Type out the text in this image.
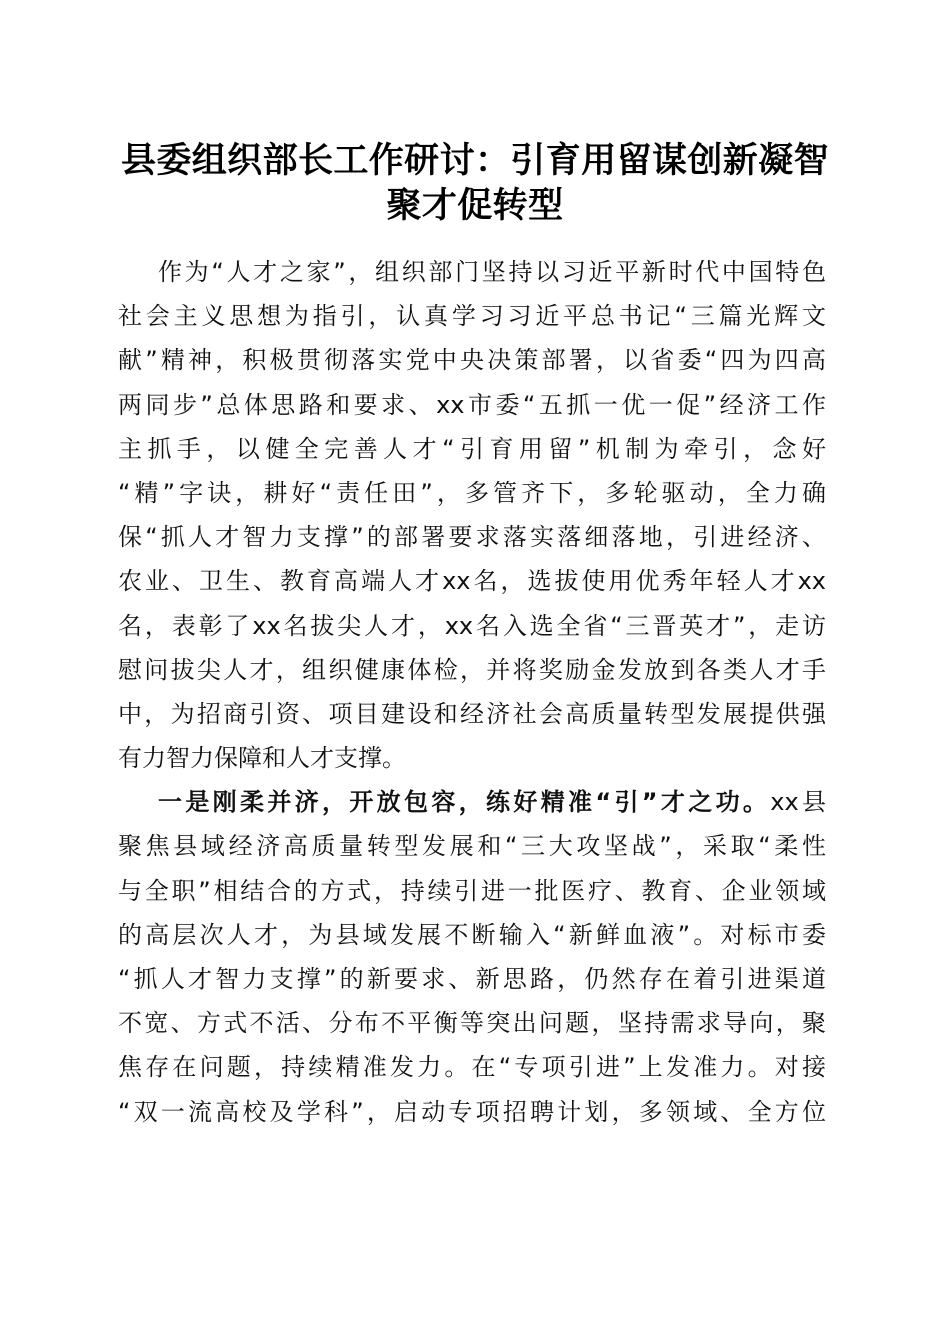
县委组织部长工作研讨：引育用留谋创新凝智
聚才促转型
作为“人才之家”，组织部门坚持以习近平新时代中国特色
社会主义思想为指引，认真学习习近平总书记“三篇光辉文
献”精神，积极贯彻落实党中央决策部署，以省委“四为四高
两同步”总体思路和要求、xx市委“五抓一优一促”经济工作
主抓手，以健全完善人才“引育用留”机制为牵引，念好
“精”字诀，耕好“责任田”，多管齐下，多轮驱动，全力确
保“抓人才智力支撑”的部署要求落实落细落地，引进经济、
农业、卫生、教育高端人才xx名，选拔使用优秀年轻人才xx
名，表彰了xx名拔尖人才，xx名入选全省“三晋英才”，走访
慰问拔尖人才，组织健康体检，并将奖励金发放到各类人才手
中，为招商引资、项目建设和经济社会高质量转型发展提供强
有力智力保障和人才支撑。
一是刚柔并济，开放包容，练好精准“引”才之功。xx县
聚焦县域经济高质量转型发展和“三大攻坚战”，采取“柔性
与全职”相结合的方式，持续引进一批医疗、教育、企业领域
的高层次人才，为县域发展不断输入“新鲜血液”。对标市委
“抓人才智力支撑”的新要求、新思路，仍然存在着引进渠道
不宽、方式不活、分布不平衡等突出问题，坚持需求导向，聚
焦存在问题，持续精准发力。在“专项引进”上发准力。对接
“双一流高校及学科”，启动专项招聘计划，多领域、全方位
